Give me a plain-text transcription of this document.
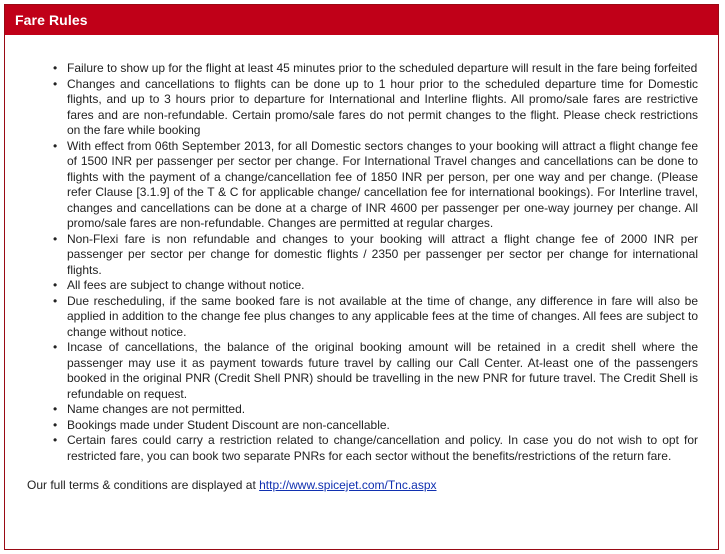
Fare Rules
• Failure to show up for the flight at least 45 minutes prior to the scheduled departure will result in the fare being forfeited
• Changes and cancellations to flights can be done up to 1 hour prior to the scheduled departure time for Domestic flights, and up to 3 hours prior to departure for International and Interline flights. All promo/sale fares are restrictive fares and are non-refundable. Certain promo/sale fares do not permit changes to the flight. Please check restrictions on the fare while booking
• With effect from 06th September 2013, for all Domestic sectors changes to your booking will attract a flight change fee of 1500 INR per passenger per sector per change. For International Travel changes and cancellations can be done to flights with the payment of a change/cancellation fee of 1850 INR per person, per one way and per change. (Please refer Clause [3.1.9] of the T & C for applicable change/ cancellation fee for international bookings). For Interline travel, changes and cancellations can be done at a charge of INR 4600 per passenger per one-way journey per change. All promo/sale fares are non-refundable. Changes are permitted at regular charges.
• Non-Flexi fare is non refundable and changes to your booking will attract a flight change fee of 2000 INR per passenger per sector per change for domestic flights / 2350 per passenger per sector per change for international flights.
• All fees are subject to change without notice.
• Due rescheduling, if the same booked fare is not available at the time of change, any difference in fare will also be applied in addition to the change fee plus changes to any applicable fees at the time of changes. All fees are subject to change without notice.
• Incase of cancellations, the balance of the original booking amount will be retained in a credit shell where the passenger may use it as payment towards future travel by calling our Call Center. At-least one of the passengers booked in the original PNR (Credit Shell PNR) should be travelling in the new PNR for future travel. The Credit Shell is refundable on request.
• Name changes are not permitted.
• Bookings made under Student Discount are non-cancellable.
• Certain fares could carry a restriction related to change/cancellation and policy. In case you do not wish to opt for restricted fare, you can book two separate PNRs for each sector without the benefits/restrictions of the return fare.
Our full terms & conditions are displayed at http://www.spicejet.com/Tnc.aspx
